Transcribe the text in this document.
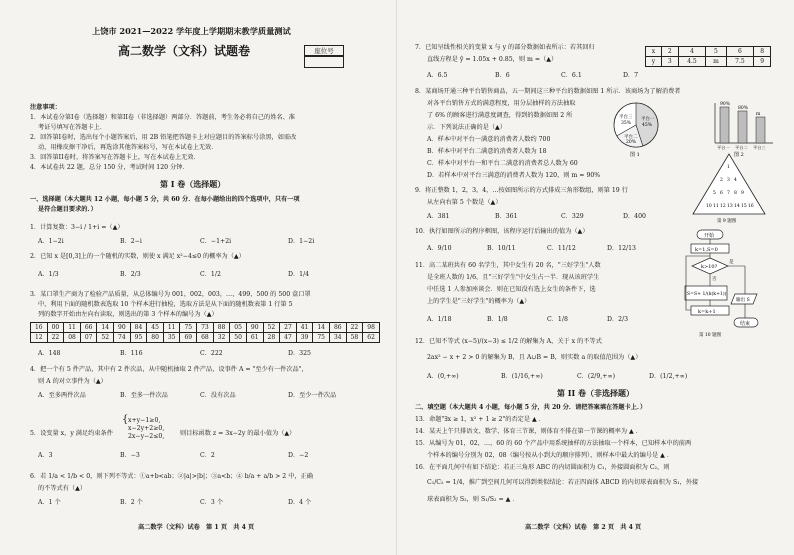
上饶市 2021—2022 学年度上学期期末教学质量测试
高二数学（文科）试题卷	座位号
注意事项：
1．本试卷分第I卷（选择题）和第II卷（非选择题）两部分．答题前，考生务必将自己的姓名、准
考证号填写在答题卡上．
2．回答第I卷时，选出每个小题答案后，用 2B 铅笔把答题卡上对应题目的答案标号涂黑，如需改
动，用橡皮擦干净后，再选涂其他答案标号，写在本试卷上无效．
3．回答第II卷时，将答案写在答题卡上，写在本试卷上无效．
4．本试卷共 22 题，总分 150 分，考试时间 120 分钟．
第 I 卷（选择题）
一、选择题（本大题共 12 小题，每小题 5 分，共 60 分．在每小题给出的四个选项中，只有一项
是符合题目要求的．）
1．计算复数：3−i / 1+i =（▲）
A．1−2i	B．2−i	C．−1+2i	D．1−2i
2．已知 x 是[0,3]上的一个随机的实数，则使 x 满足 x²−4≤0 的概率为（▲）
A．1/3	B．2/3	C．1/2	D．1/4
3．某口罩生产商为了检验产品质量，从总体编号为 001，002，003，…，499，500 的 500 盒口罩
中，利用下面的随机数表选取 10 个样本进行抽检，选取方法是从下面的随机数表第 1 行第 5
列的数字开始由左向右读取，则选出的第 3 个样本的编号为（▲）
16	00	11	66	14	90	84	45	11	75	73	88	05	90	52	27	41	14	86	22	98
12	22	08	07	52	74	95	80	35	69	68	32	50	61	28	47	39	75	34	58	62
A．148	B．116	C．222	D．325
4．把一个有 5 件产品，其中有 2 件次品，从中随机抽取 2 件产品，设事件 A = "至少有一件次品"，
则 A 的对立事件为（▲）
A．至多两件次品	B．至多一件次品	C．没有次品	D．至少一件次品
5．设变量 x，y 满足约束条件
{ x+y−1≥0,
x−2y+2≥0,
2x−y−2≤0,	则目标函数 z = 3x−2y 的最小值为（▲）
A．3	B．−3	C．2	D．−2
6．若 1/a < 1/b < 0，则下列不等式：①a+b<ab；②|a|>|b|；③a<b；④ b/a + a/b > 2 中，正确
的不等式有（▲）
A．1 个	B．2 个	C．3 个	D．4 个
高二数学（文科）试卷　第 1 页　共 4 页
7．已知呈线性相关的变量 x 与 y 的部分数据如表所示：若其回归
直线方程是 ŷ = 1.05x + 0.85，则 m =（▲）
x	2	4	5	6	8
y	3	4.5	m	7.5	9
A．6.5	B．6	C．6.1	D．7
8．某商场开通三种平台销售商品，五一期间这三种平台的数据如图 1 所示．该商场为了解消费者
对各平台销售方式的满意程度，用分层抽样的方法抽取
了 6% 的顾客进行满意度调查，得到的数据如图 2 所
示．下列说法正确的是（▲）
A．样本中对平台一满意的消费者人数约 700
B．样本中对平台二满意的消费者人数为 18
C．样本中对平台一和平台二满意的消费者总人数为 60
D．若样本中对平台三满意的消费者人数为 120，则 m = 90%
平台一
45%
平台二
20%
平台三
35%
图 1
90%
平台一
80%
平台二
m
平台三
图 2
9．将正整数 1，2，3，4，…按如图所示的方式排成三角形数组，则第 19 行
从左向右第 5 个数是（▲）
A．381	B．361	C．329	D．400
1
2 3 4
5 6 7 8 9
10 11 12 13 14 15 16
第 9 题图
10．执行如图所示的程序框图，该程序运行后输出的值为（▲）
A．9/10	B．10/11	C．11/12	D．12/13
11．高二某班共有 60 名学生，其中女生有 20 名，"三好学生"人数
是全班人数的 1/6，且"三好学生"中女生占一半．现从该班学生
中任选 1 人参加座谈会．则在已知没有选上女生的条件下，选
上的学生是"三好学生"的概率为（▲）
A．1/18	B．1/8	C．1/8	D．2/3
12．已知不等式 (x−5)/(x−3) ≤ 1/2 的解集为 A，关于 x 的不等式
2ax² − x + 2 > 0 的解集为 B，且 A∪B = B，则实数 a 的取值范围为（▲）
A．(0,+∞)	B．(1/16,+∞)	C．(2/9,+∞)	D．(1/2,+∞)
开始
k=1,S=0
k>10?
是
否
S=S+ 1/(k(k+1))
输出 S
k=k+1
结束
第 10 题图
第 II 卷（非选择题）
二、填空题（本大题共 4 小题，每小题 5 分，共 20 分．请把答案填在答题卡上．）
13．命题"∃x ≥ 1，x² + 1 ≥ 2"的否定是 ▲ ．
14．某天上午只排语文、数学、体育三节课，则体育不排在第一节课的概率为 ▲ ．
15．从编号为 01，02，…，60 的 60 个产品中用系统抽样的方法抽取一个样本，已知样本中的前两
个样本的编号分别为 02，08（编号按从小到大的顺序排列），则样本中最大的编号是 ▲ ．
16．在平面几何中有如下结论：若正三角形 ABC 的内切圆面积为 C₁，外接圆面积为 C₂，则
C₁/C₂ = 1/4，推广到空间几何可以得到类似结论：若正四面体 ABCD 的内切球表面积为 S₁，外接
球表面积为 S₂，则 S₁/S₂ = ▲ ．
高二数学（文科）试卷　第 2 页　共 4 页
